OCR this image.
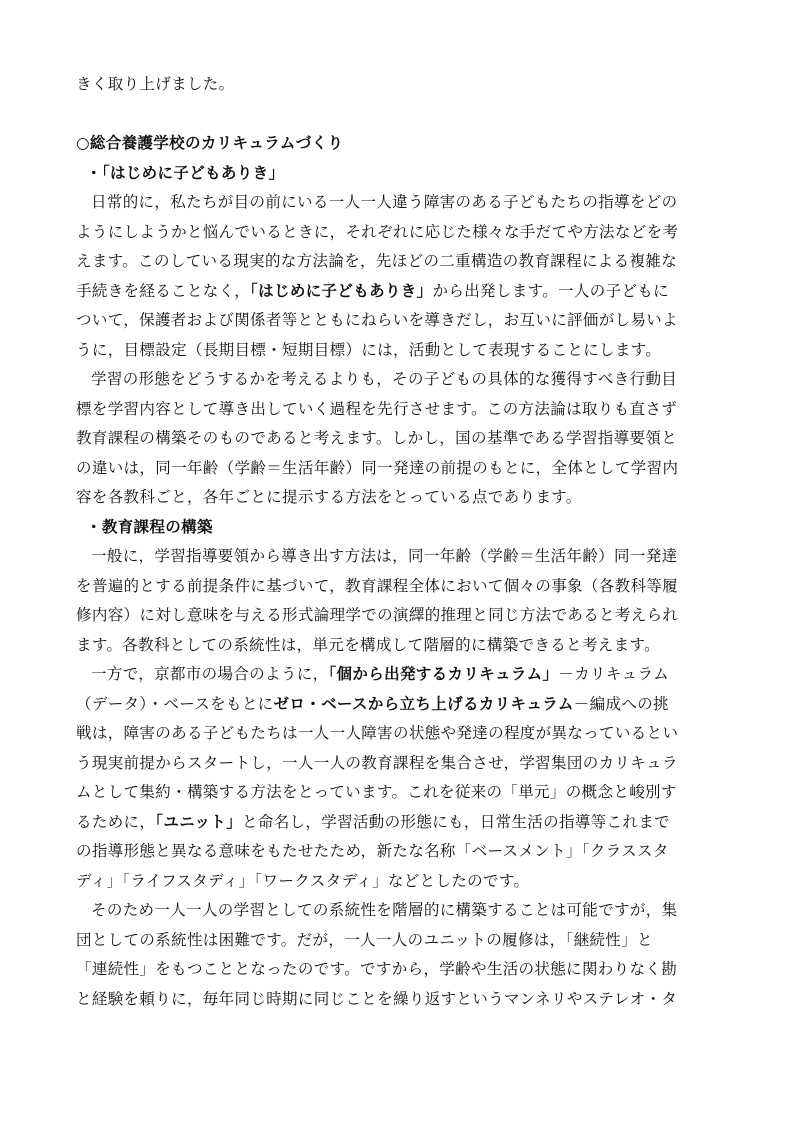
きく取り上げました。
○総合養護学校のカリキュラムづくり
・「はじめに子どもありき」
日常的に，私たちが目の前にいる一人一人違う障害のある子どもたちの指導をどの
ようにしようかと悩んでいるときに，それぞれに応じた様々な手だてや方法などを考
えます。このしている現実的な方法論を，先ほどの二重構造の教育課程による複雑な
手続きを経ることなく，「はじめに子どもありき」から出発します。一人の子どもに
ついて，保護者および関係者等とともにねらいを導きだし，お互いに評価がし易いよ
うに，目標設定（長期目標・短期目標）には，活動として表現することにします。
学習の形態をどうするかを考えるよりも，その子どもの具体的な獲得すべき行動目
標を学習内容として導き出していく過程を先行させます。この方法論は取りも直さず
教育課程の構築そのものであると考えます。しかし，国の基準である学習指導要領と
の違いは，同一年齢（学齢＝生活年齢）同一発達の前提のもとに，全体として学習内
容を各教科ごと，各年ごとに提示する方法をとっている点であります。
・教育課程の構築
一般に，学習指導要領から導き出す方法は，同一年齢（学齢＝生活年齢）同一発達
を普遍的とする前提条件に基づいて，教育課程全体において個々の事象（各教科等履
修内容）に対し意味を与える形式論理学での演繹的推理と同じ方法であると考えられ
ます。各教科としての系統性は，単元を構成して階層的に構築できると考えます。
一方で，京都市の場合のように，「個から出発するカリキュラム」－カリキュラム
（データ）・ベースをもとにゼロ・ベースから立ち上げるカリキュラム－編成への挑
戦は，障害のある子どもたちは一人一人障害の状態や発達の程度が異なっているとい
う現実前提からスタートし，一人一人の教育課程を集合させ，学習集団のカリキュラ
ムとして集約・構築する方法をとっています。これを従来の「単元」の概念と峻別す
るために，「ユニット」と命名し，学習活動の形態にも，日常生活の指導等これまで
の指導形態と異なる意味をもたせたため，新たな名称「ベースメント」「クラススタ
ディ」「ライフスタディ」「ワークスタディ」などとしたのです。
そのため一人一人の学習としての系統性を階層的に構築することは可能ですが，集
団としての系統性は困難です。だが，一人一人のユニットの履修は，「継続性」と
「連続性」をもつこととなったのです。ですから，学齢や生活の状態に関わりなく勘
と経験を頼りに，毎年同じ時期に同じことを繰り返すというマンネリやステレオ・タ
